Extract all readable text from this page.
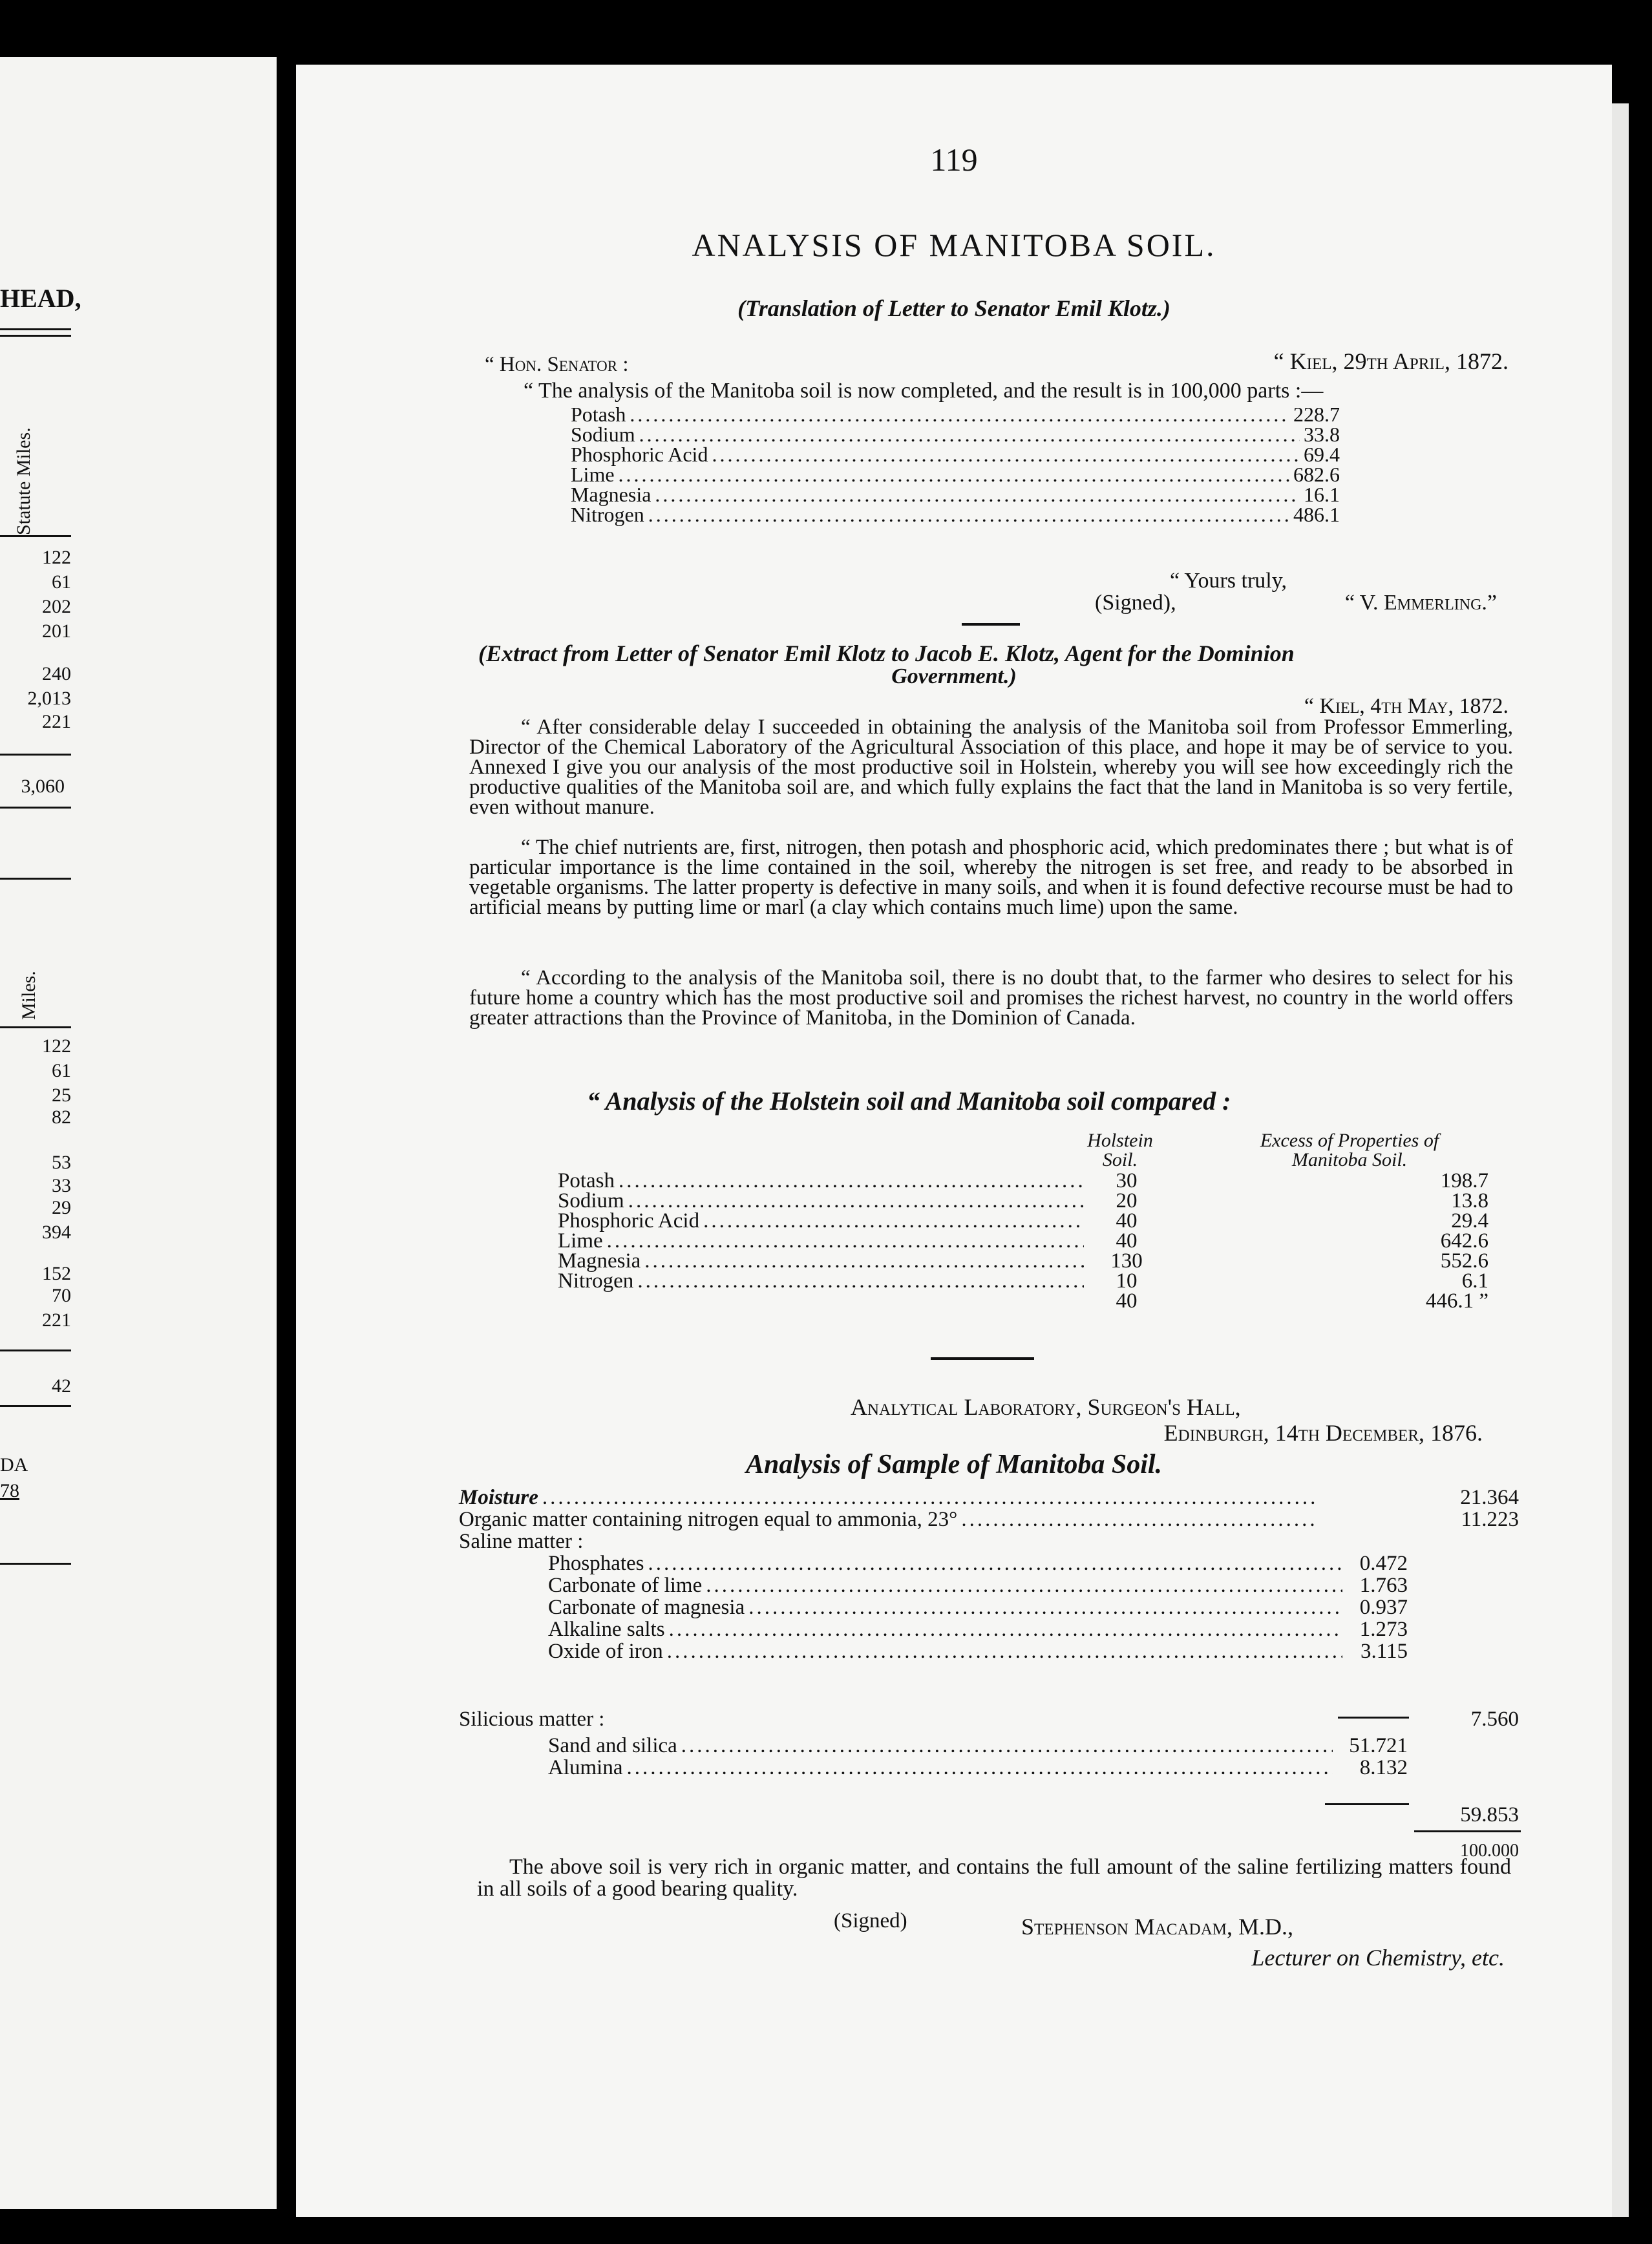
HEAD,
Statute Miles.
122
61
202
201
240
2,013
221
3,060
Miles.
122
61
25
82
53
33
29
394
152
70
221
42
DA
78
119
ANALYSIS OF MANITOBA SOIL.
(Translation of Letter to Senator Emil Klotz.)
“ Hon. Senator :	“ Kiel, 29th April, 1872.
“ The analysis of the Manitoba soil is now completed, and the result is in 100,000 parts :—
Potash .....	228.7
Sodium .....	33.8
Phosphoric Acid .....	69.4
Lime .....	682.6
Magnesia .....	16.1
Nitrogen .....	486.1
“ Yours truly,
(Signed),	“ V. Emmerling.”
(Extract from Letter of Senator Emil Klotz to Jacob E. Klotz, Agent for the Dominion
Government.)
“ Kiel, 4th May, 1872.

“ After considerable delay I succeeded in obtaining the analysis of the Manitoba soil from Professor Emmerling, Director of the Chemical Laboratory of the Agricultural Association of this place, and hope it may be of service to you. Annexed I give you our analysis of the most productive soil in Holstein, whereby you will see how exceedingly rich the productive qualities of the Manitoba soil are, and which fully explains the fact that the land in Manitoba is so very fertile, even without manure.

“ The chief nutrients are, first, nitrogen, then potash and phosphoric acid, which predominates there ; but what is of particular importance is the lime contained in the soil, whereby the nitrogen is set free, and ready to be absorbed in vegetable organisms. The latter property is defective in many soils, and when it is found defective recourse must be had to artificial means by putting lime or marl (a clay which contains much lime) upon the same.

“ According to the analysis of the Manitoba soil, there is no doubt that, to the farmer who desires to select for his future home a country which has the most productive soil and promises the richest harvest, no country in the world offers greater attractions than the Province of Manitoba, in the Dominion of Canada.

“ Analysis of the Holstein soil and Manitoba soil compared :
Holstein
Soil.
Excess of Properties of
Manitoba Soil.
Potash .....	30	198.7
Sodium .....	20	13.8
Phosphoric Acid .....	40	29.4
Lime .....	40	642.6
Magnesia .....	130	552.6
Nitrogen .....	10	6.1
40	446.1 ”
Analytical Laboratory, Surgeon's Hall,
Edinburgh, 14th December, 1876.
Analysis of Sample of Manitoba Soil.
Moisture .....	21.364
Organic matter containing nitrogen equal to ammonia, 23° .....	11.223
Saline matter :
Phosphates .....	0.472
Carbonate of lime .....	1.763
Carbonate of magnesia .....	0.937
Alkaline salts .....	1.273
Oxide of iron .....	3.115
Silicious matter :	7.560
Sand and silica .....	51.721
Alumina .....	8.132
59.853
100.000

The above soil is very rich in organic matter, and contains the full amount of the saline fertilizing matters found in all soils of a good bearing quality.

(Signed)	Stephenson Macadam, M.D.,
Lecturer on Chemistry, etc.
